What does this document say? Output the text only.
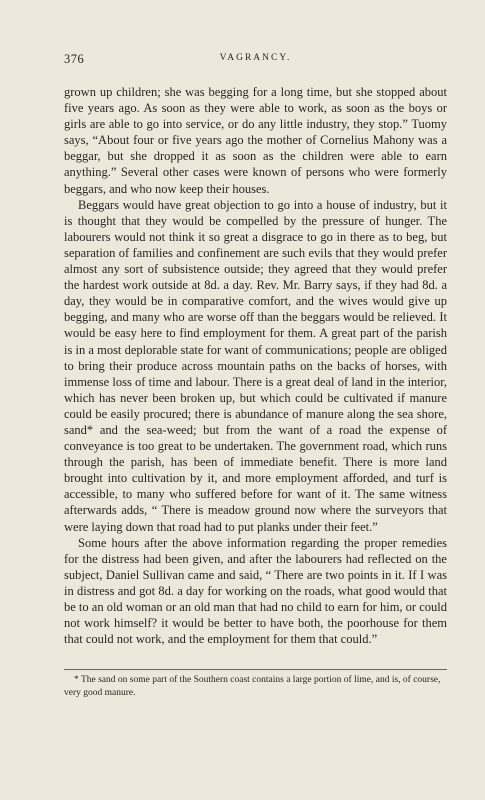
376	VAGRANCY.

grown up children; she was begging for a long time, but she stopped about five years ago. As soon as they were able to work, as soon as the boys or girls are able to go into service, or do any little industry, they stop.” Tuomy says, “About four or five years ago the mother of Cornelius Mahony was a beggar, but she dropped it as soon as the children were able to earn anything.” Several other cases were known of persons who were formerly beggars, and who now keep their houses.

Beggars would have great objection to go into a house of industry, but it is thought that they would be compelled by the pressure of hunger. The labourers would not think it so great a disgrace to go in there as to beg, but separation of families and confinement are such evils that they would prefer almost any sort of subsistence outside; they agreed that they would prefer the hardest work outside at 8d. a day. Rev. Mr. Barry says, if they had 8d. a day, they would be in comparative comfort, and the wives would give up begging, and many who are worse off than the beggars would be relieved. It would be easy here to find employment for them. A great part of the parish is in a most deplorable state for want of communications; people are obliged to bring their produce across mountain paths on the backs of horses, with immense loss of time and labour. There is a great deal of land in the interior, which has never been broken up, but which could be cultivated if manure could be easily procured; there is abundance of manure along the sea shore, sand* and the sea-weed; but from the want of a road the expense of conveyance is too great to be undertaken. The government road, which runs through the parish, has been of immediate benefit. There is more land brought into cultivation by it, and more employment afforded, and turf is accessible, to many who suffered before for want of it. The same witness afterwards adds, “ There is meadow ground now where the surveyors that were laying down that road had to put planks under their feet.”

Some hours after the above information regarding the proper remedies for the distress had been given, and after the labourers had reflected on the subject, Daniel Sullivan came and said, “ There are two points in it. If I was in distress and got 8d. a day for working on the roads, what good would that be to an old woman or an old man that had no child to earn for him, or could not work himself? it would be better to have both, the poorhouse for them that could not work, and the employment for them that could.”

* The sand on some part of the Southern coast contains a large portion of lime, and is, of course, very good manure.
